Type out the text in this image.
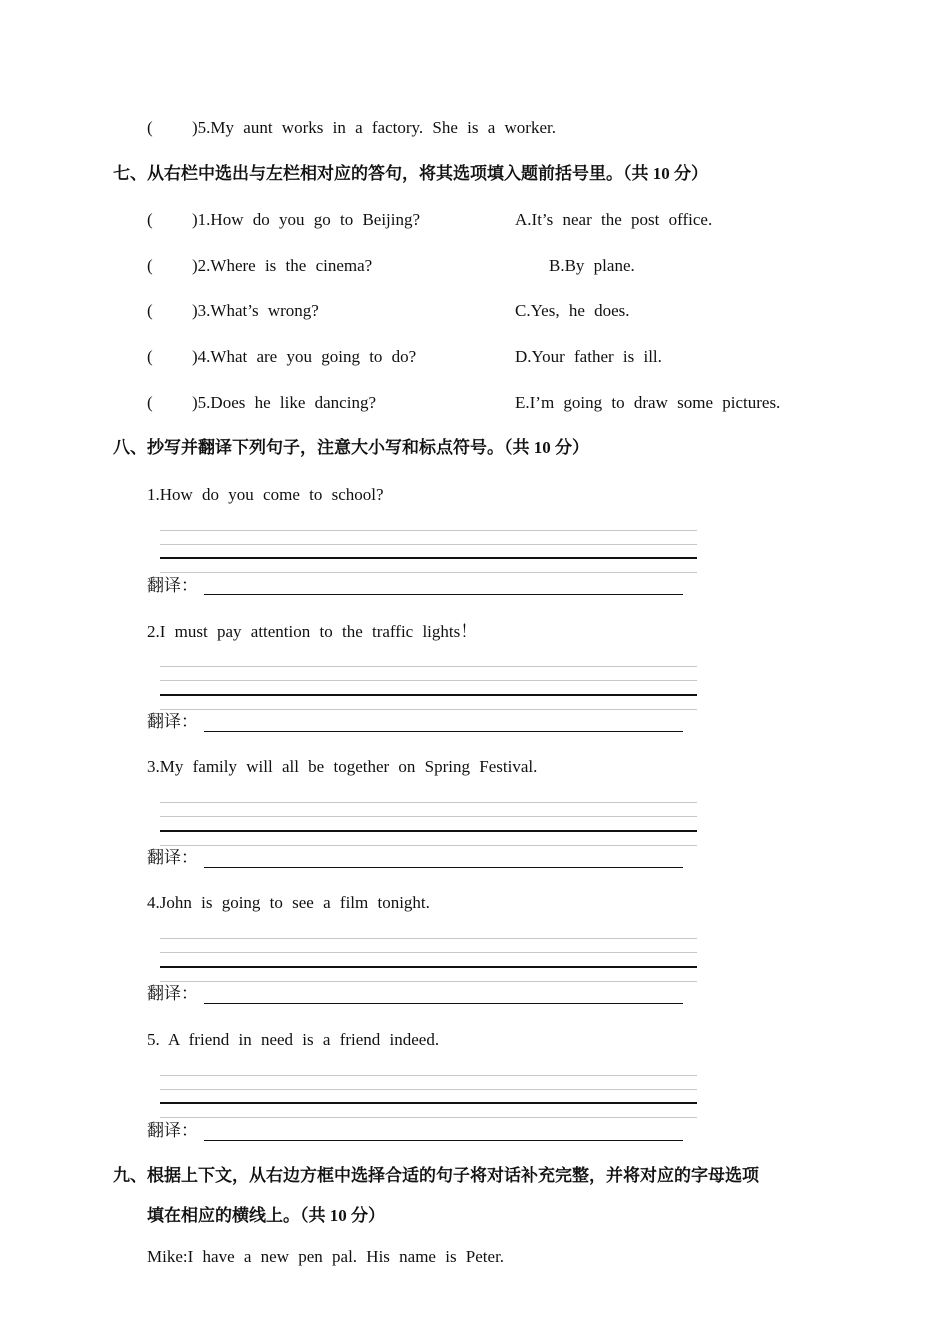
( )5.My aunt works in a factory. She is a worker.
七、从右栏中选出与左栏相对应的答句，将其选项填入题前括号里。（共 10 分）
( )1.How do you go to Beijing?	A.It’s near the post office.
( )2.Where is the cinema?	B.By plane.
( )3.What’s wrong?	C.Yes, he does.
( )4.What are you going to do?	D.Your father is ill.
( )5.Does he like dancing?	E.I’m going to draw some pictures.
八、抄写并翻译下列句子，注意大小写和标点符号。（共 10 分）
1.How do you come to school?
翻译：
2.I must pay attention to the traffic lights！
翻译：
3.My family will all be together on Spring Festival.
翻译：
4.John is going to see a film tonight.
翻译：
5. A friend in need is a friend indeed.
翻译：
九、根据上下文，从右边方框中选择合适的句子将对话补充完整，并将对应的字母选项
填在相应的横线上。（共 10 分）
Mike:I have a new pen pal. His name is Peter.
